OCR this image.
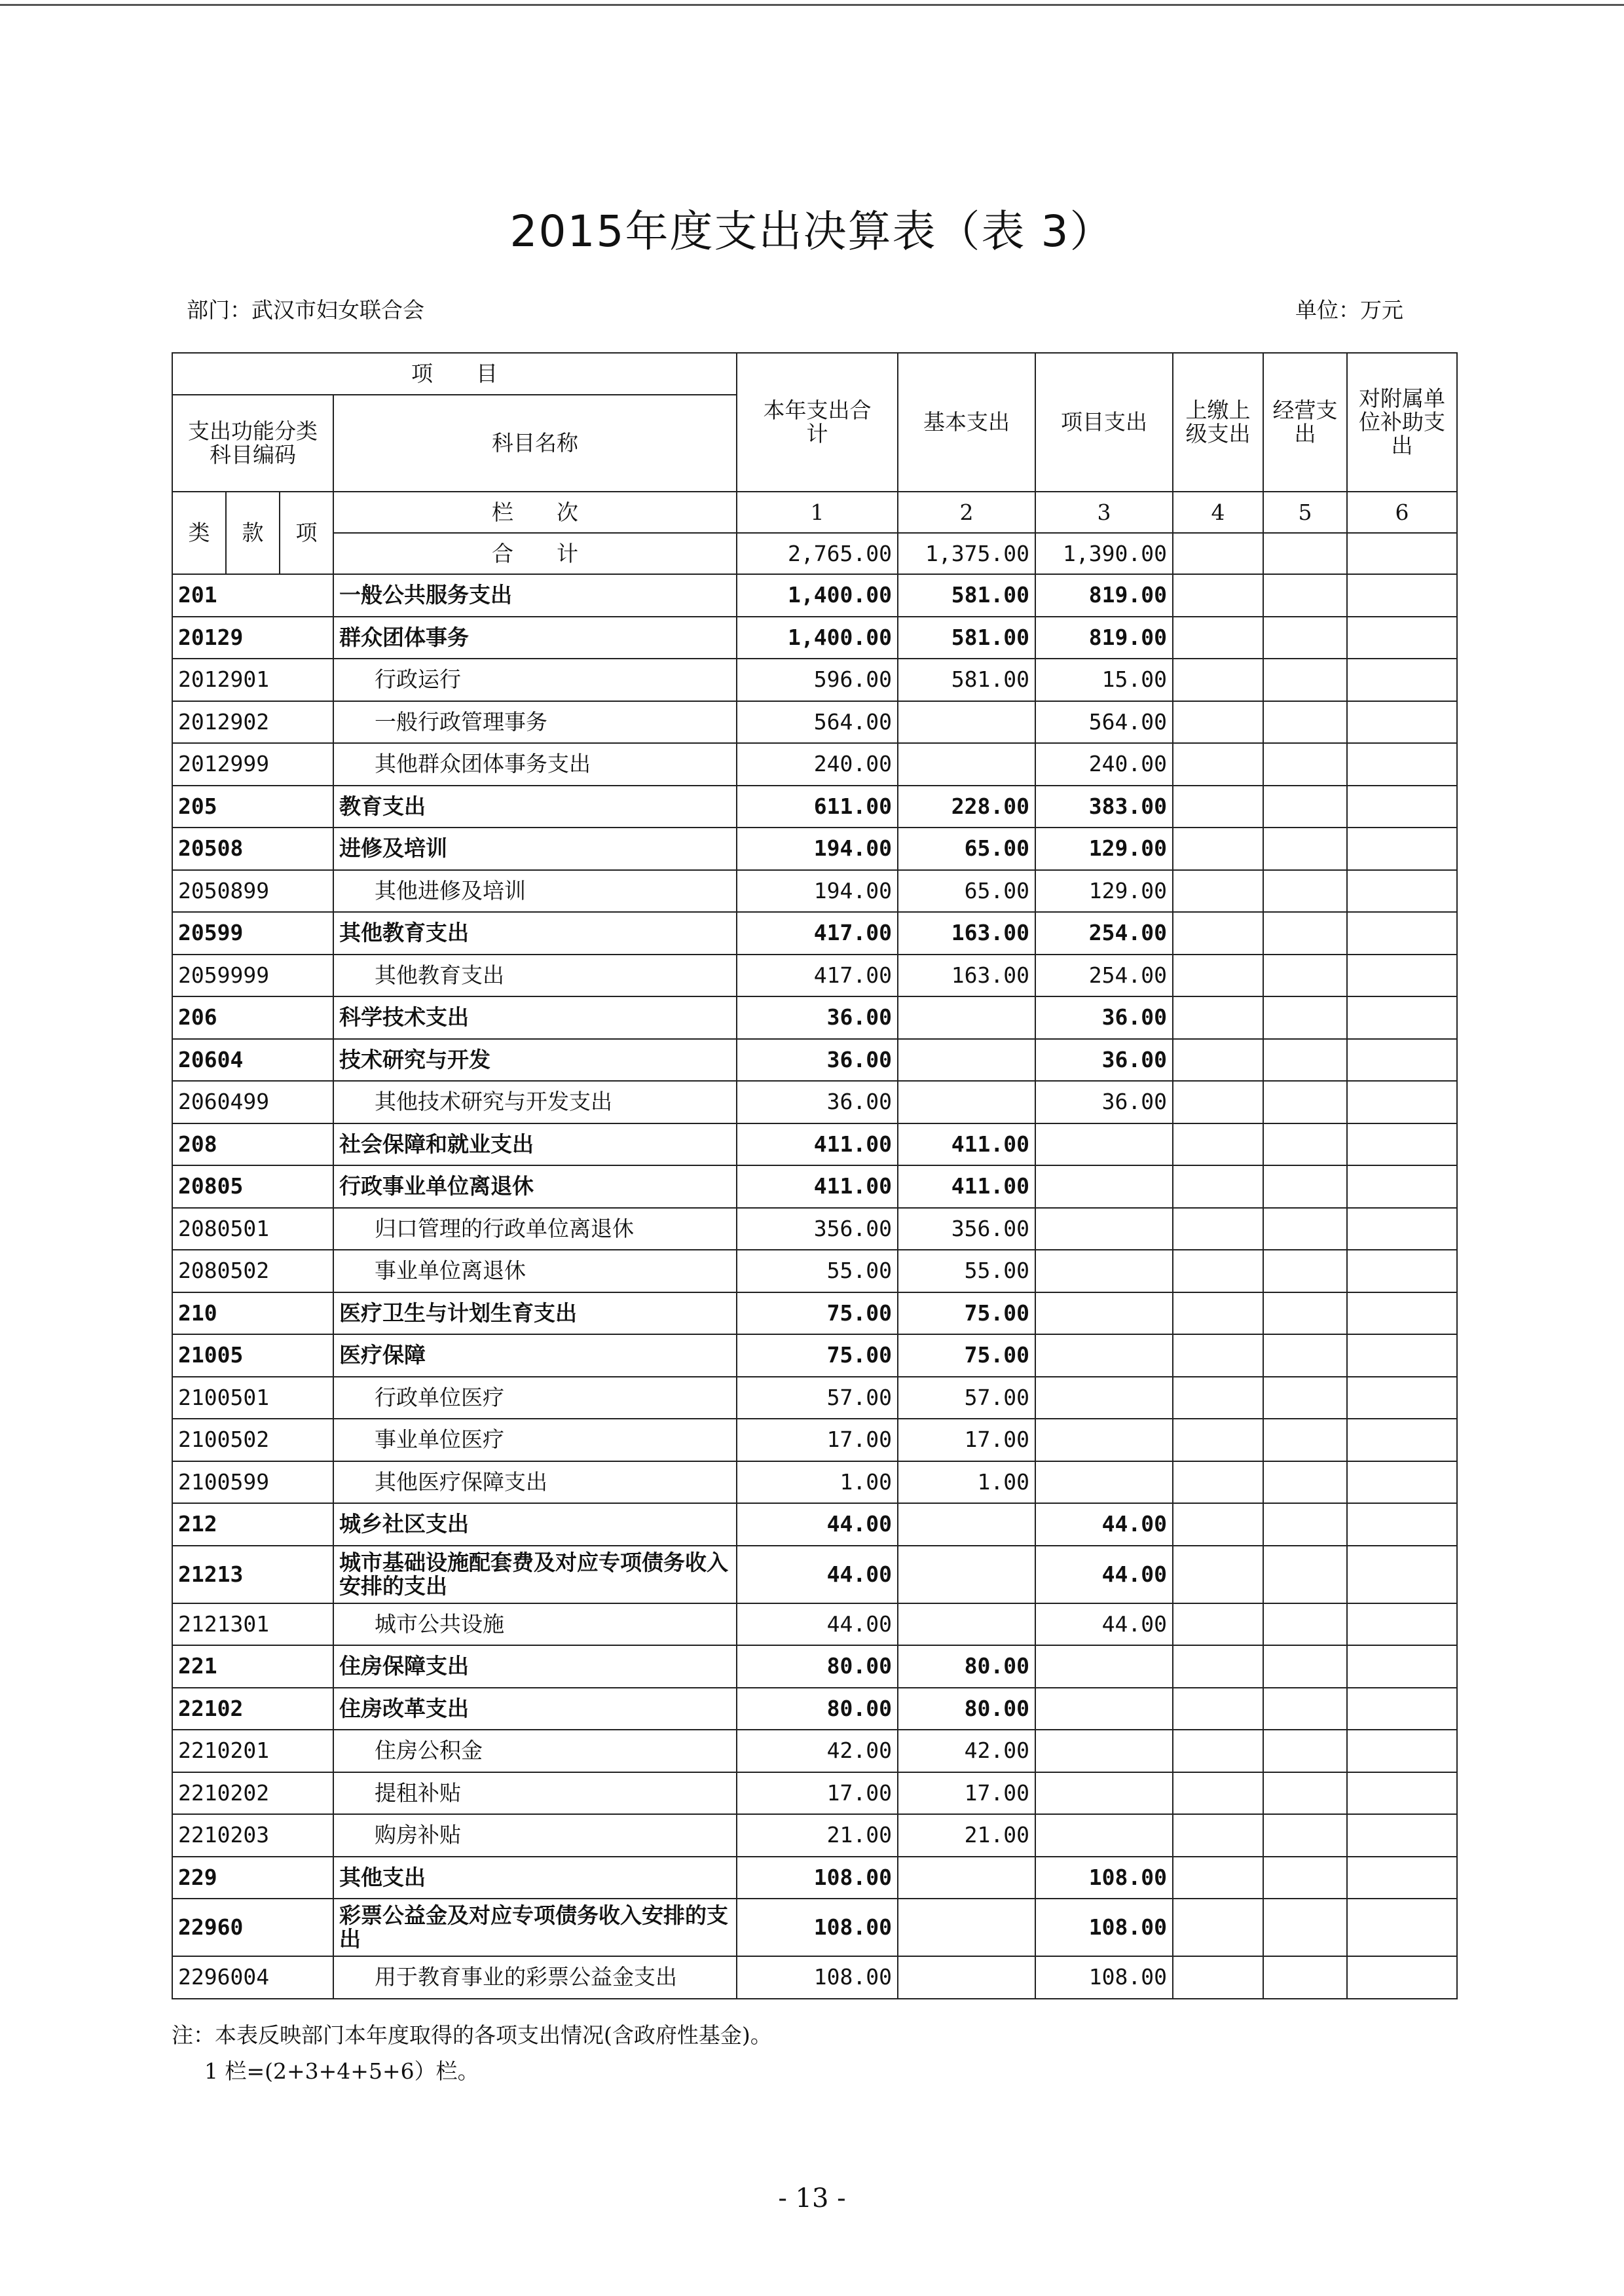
2015年度支出决算表（表 3）
部门：武汉市妇女联合会	单位：万元
项　　目		本年支出合　　计	基本支出	项目支出	上缴上级支出	经营支出	对附属单位补助支出
支出功能分类科目编码	科目名称						

类 款 项	栏　　次	1	2	3	4	5	6
	合　　计	2,765.00	1,375.00	1,390.00			
201	一般公共服务支出	1,400.00	581.00	819.00			
20129	群众团体事务	1,400.00	581.00	819.00			
2012901	行政运行	596.00	581.00	15.00			
2012902	一般行政管理事务	564.00		564.00			
2012999	其他群众团体事务支出	240.00		240.00			
205	教育支出	611.00	228.00	383.00			
20508	进修及培训	194.00	65.00	129.00			
2050899	其他进修及培训	194.00	65.00	129.00			
20599	其他教育支出	417.00	163.00	254.00			
2059999	其他教育支出	417.00	163.00	254.00			
206	科学技术支出	36.00		36.00			
20604	技术研究与开发	36.00		36.00			
2060499	其他技术研究与开发支出	36.00		36.00			
208	社会保障和就业支出	411.00	411.00				
20805	行政事业单位离退休	411.00	411.00				
2080501	归口管理的行政单位离退休	356.00	356.00				
2080502	事业单位离退休	55.00	55.00				
210	医疗卫生与计划生育支出	75.00	75.00				
21005	医疗保障	75.00	75.00				
2100501	行政单位医疗	57.00	57.00				
2100502	事业单位医疗	17.00	17.00				
2100599	其他医疗保障支出	1.00	1.00				
212	城乡社区支出	44.00		44.00			
21213	城市基础设施配套费及对应专项债务收入安排的支出	44.00		44.00			
2121301	城市公共设施	44.00		44.00			
221	住房保障支出	80.00	80.00				
22102	住房改革支出	80.00	80.00				
2210201	住房公积金	42.00	42.00				
2210202	提租补贴	17.00	17.00				
2210203	购房补贴	21.00	21.00				
229	其他支出	108.00		108.00			
22960	彩票公益金及对应专项债务收入安排的支出	108.00		108.00			
2296004	用于教育事业的彩票公益金支出	108.00		108.00			
注：本表反映部门本年度取得的各项支出情况(含政府性基金)。
1 栏=(2+3+4+5+6）栏。
- 13 -
